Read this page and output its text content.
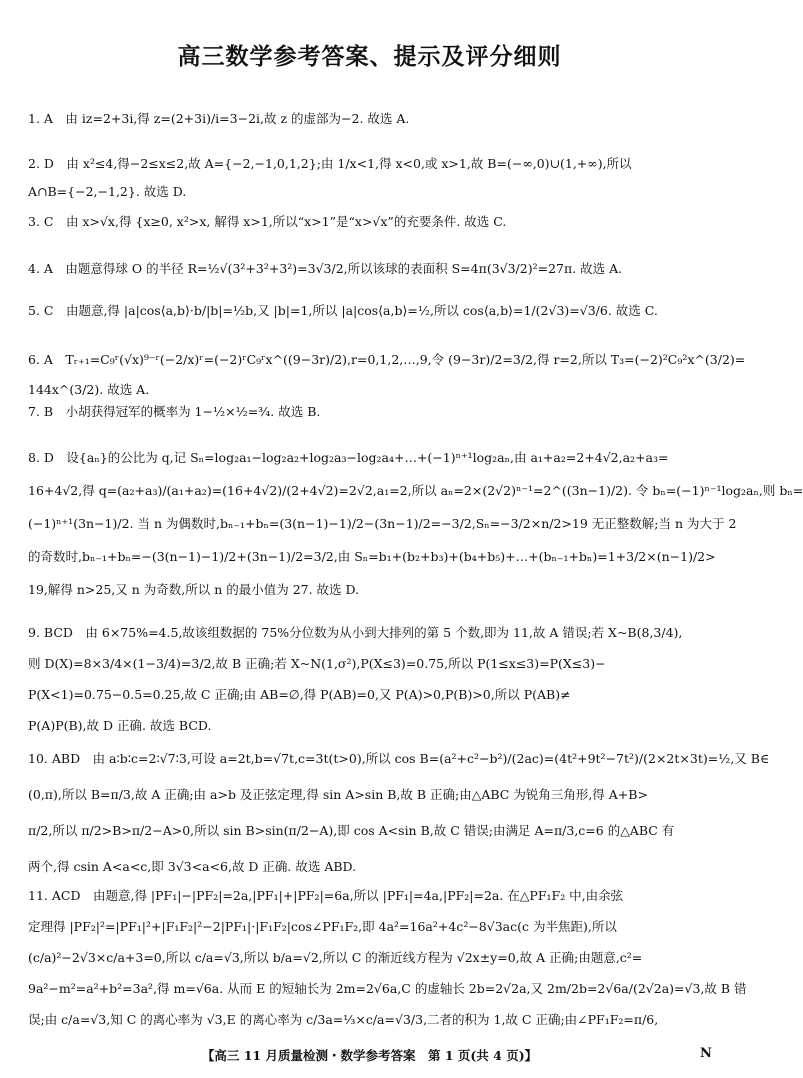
高三数学参考答案、提示及评分细则
1. A　由 iz=2+3i,得 z=(2+3i)/i=3−2i,故 z 的虚部为−2. 故选 A.
2. D　由 x²≤4,得−2≤x≤2,故 A={−2,−1,0,1,2};由 1/x<1,得 x<0,或 x>1,故 B=(−∞,0)∪(1,+∞),所以
A∩B={−2,−1,2}. 故选 D.
3. C　由 x>√x,得 {x≥0, x²>x, 解得 x>1,所以“x>1”是“x>√x”的充要条件. 故选 C.
4. A　由题意得球 O 的半径 R=½√(3²+3²+3²)=3√3/2,所以该球的表面积 S=4π(3√3/2)²=27π. 故选 A.
5. C　由题意,得 |a|cos⟨a,b⟩·b/|b|=½b,又 |b|=1,所以 |a|cos⟨a,b⟩=½,所以 cos⟨a,b⟩=1/(2√3)=√3/6. 故选 C.
6. A　Tᵣ₊₁=C₉ʳ(√x)⁹⁻ʳ(−2/x)ʳ=(−2)ʳC₉ʳx^((9−3r)/2),r=0,1,2,…,9,令 (9−3r)/2=3/2,得 r=2,所以 T₃=(−2)²C₉²x^(3/2)=
144x^(3/2). 故选 A.
7. B　小胡获得冠军的概率为 1−½×½=¾. 故选 B.
8. D　设{aₙ}的公比为 q,记 Sₙ=log₂a₁−log₂a₂+log₂a₃−log₂a₄+…+(−1)ⁿ⁺¹log₂aₙ,由 a₁+a₂=2+4√2,a₂+a₃=
16+4√2,得 q=(a₂+a₃)/(a₁+a₂)=(16+4√2)/(2+4√2)=2√2,a₁=2,所以 aₙ=2×(2√2)ⁿ⁻¹=2^((3n−1)/2). 令 bₙ=(−1)ⁿ⁻¹log₂aₙ,则 bₙ=
(−1)ⁿ⁺¹(3n−1)/2. 当 n 为偶数时,bₙ₋₁+bₙ=(3(n−1)−1)/2−(3n−1)/2=−3/2,Sₙ=−3/2×n/2>19 无正整数解;当 n 为大于 2
的奇数时,bₙ₋₁+bₙ=−(3(n−1)−1)/2+(3n−1)/2=3/2,由 Sₙ=b₁+(b₂+b₃)+(b₄+b₅)+…+(bₙ₋₁+bₙ)=1+3/2×(n−1)/2>
19,解得 n>25,又 n 为奇数,所以 n 的最小值为 27. 故选 D.
9. BCD　由 6×75%=4.5,故该组数据的 75%分位数为从小到大排列的第 5 个数,即为 11,故 A 错误;若 X~B(8,3/4),
则 D(X)=8×3/4×(1−3/4)=3/2,故 B 正确;若 X~N(1,σ²),P(X≤3)=0.75,所以 P(1≤x≤3)=P(X≤3)−
P(X<1)=0.75−0.5=0.25,故 C 正确;由 AB=∅,得 P(AB)=0,又 P(A)>0,P(B)>0,所以 P(AB)≠
P(A)P(B),故 D 正确. 故选 BCD.
10. ABD　由 a∶b∶c=2∶√7∶3,可设 a=2t,b=√7t,c=3t(t>0),所以 cos B=(a²+c²−b²)/(2ac)=(4t²+9t²−7t²)/(2×2t×3t)=½,又 B∈
(0,π),所以 B=π/3,故 A 正确;由 a>b 及正弦定理,得 sin A>sin B,故 B 正确;由△ABC 为锐角三角形,得 A+B>
π/2,所以 π/2>B>π/2−A>0,所以 sin B>sin(π/2−A),即 cos A<sin B,故 C 错误;由满足 A=π/3,c=6 的△ABC 有
两个,得 csin A<a<c,即 3√3<a<6,故 D 正确. 故选 ABD.
11. ACD　由题意,得 |PF₁|−|PF₂|=2a,|PF₁|+|PF₂|=6a,所以 |PF₁|=4a,|PF₂|=2a. 在△PF₁F₂ 中,由余弦
定理得 |PF₂|²=|PF₁|²+|F₁F₂|²−2|PF₁|·|F₁F₂|cos∠PF₁F₂,即 4a²=16a²+4c²−8√3ac(c 为半焦距),所以
(c/a)²−2√3×c/a+3=0,所以 c/a=√3,所以 b/a=√2,所以 C 的渐近线方程为 √2x±y=0,故 A 正确;由题意,c²=
9a²−m²=a²+b²=3a²,得 m=√6a. 从而 E 的短轴长为 2m=2√6a,C 的虚轴长 2b=2√2a,又 2m/2b=2√6a/(2√2a)=√3,故 B 错
误;由 c/a=√3,知 C 的离心率为 √3,E 的离心率为 c/3a=⅓×c/a=√3/3,二者的积为 1,故 C 正确;由∠PF₁F₂=π/6,
【高三 11 月质量检测・数学参考答案　第 1 页(共 4 页)】	N
